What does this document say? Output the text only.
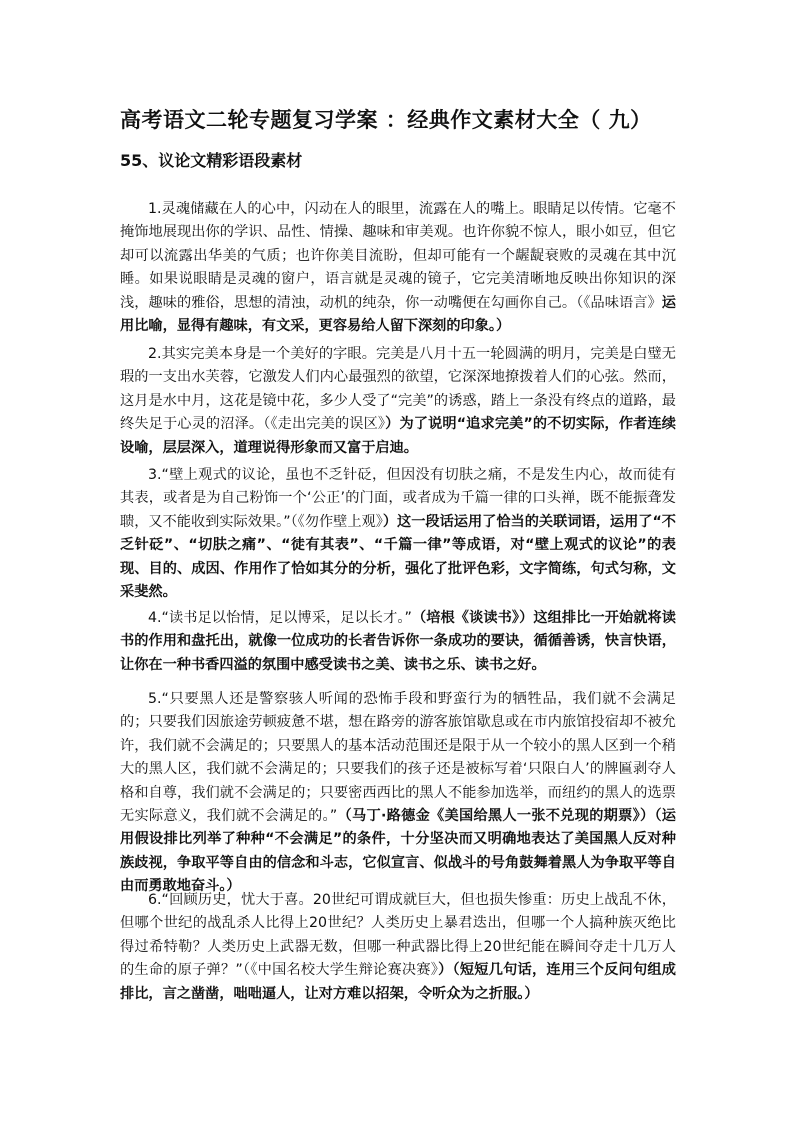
高考语文二轮专题复习学案 ：经典作文素材大全（ 九）
55、议论文精彩语段素材

1.灵魂储藏在人的心中，闪动在人的眼里，流露在人的嘴上。眼睛足以传情。它毫不掩饰地展现出你的学识、品性、情操、趣味和审美观。也许你貌不惊人，眼小如豆，但它却可以流露出华美的气质；也许你美目流盼，但却可能有一个龌龊衰败的灵魂在其中沉睡。如果说眼睛是灵魂的窗户，语言就是灵魂的镜子，它完美清晰地反映出你知识的深浅，趣味的雅俗，思想的清浊，动机的纯杂，你一动嘴便在勾画你自己。（《品味语言》运用比喻，显得有趣味，有文采，更容易给人留下深刻的印象。）

2.其实完美本身是一个美好的字眼。完美是八月十五一轮圆满的明月，完美是白璧无瑕的一支出水芙蓉，它激发人们内心最强烈的欲望，它深深地撩拨着人们的心弦。然而，这月是水中月，这花是镜中花，多少人受了“完美”的诱惑，踏上一条没有终点的道路，最终失足于心灵的沼泽。（《走出完美的误区》）为了说明“追求完美”的不切实际，作者连续设喻，层层深入，道理说得形象而又富于启迪。

3.“壁上观式的议论，虽也不乏针砭，但因没有切肤之痛，不是发生内心，故而徒有其表，或者是为自己粉饰一个‘公正’的门面，或者成为千篇一律的口头禅，既不能振聋发聩，又不能收到实际效果。”（《勿作壁上观》）这一段话运用了恰当的关联词语，运用了“不乏针砭”、“切肤之痛”、“徒有其表”、“千篇一律”等成语，对“壁上观式的议论”的表现、目的、成因、作用作了恰如其分的分析，强化了批评色彩，文字简练，句式匀称，文采斐然。

4.“读书足以怡情，足以博采，足以长才。”（培根《谈读书》）这组排比一开始就将读书的作用和盘托出，就像一位成功的长者告诉你一条成功的要诀，循循善诱，快言快语，让你在一种书香四溢的氛围中感受读书之美、读书之乐、读书之好。

5.“只要黑人还是警察骇人听闻的恐怖手段和野蛮行为的牺牲品，我们就不会满足的；只要我们因旅途劳顿疲惫不堪，想在路旁的游客旅馆歇息或在市内旅馆投宿却不被允许，我们就不会满足的；只要黑人的基本活动范围还是限于从一个较小的黑人区到一个稍大的黑人区，我们就不会满足的；只要我们的孩子还是被标写着‘只限白人’的牌匾剥夺人格和自尊，我们就不会满足的；只要密西西比的黑人不能参加选举，而纽约的黑人的选票无实际意义，我们就不会满足的。”（马丁·路德金《美国给黑人一张不兑现的期票》）（运用假设排比列举了种种“不会满足”的条件，十分坚决而又明确地表达了美国黑人反对种族歧视，争取平等自由的信念和斗志，它似宣言、似战斗的号角鼓舞着黑人为争取平等自由而勇敢地奋斗。）

6.“回顾历史，忧大于喜。20世纪可谓成就巨大，但也损失惨重：历史上战乱不休，但哪个世纪的战乱杀人比得上20世纪？人类历史上暴君迭出，但哪一个人搞种族灭绝比得过希特勒？人类历史上武器无数，但哪一种武器比得上20世纪能在瞬间夺走十几万人的生命的原子弹？”（《中国名校大学生辩论赛决赛》）（短短几句话，连用三个反问句组成排比，言之凿凿，咄咄逼人，让对方难以招架，令听众为之折服。）
